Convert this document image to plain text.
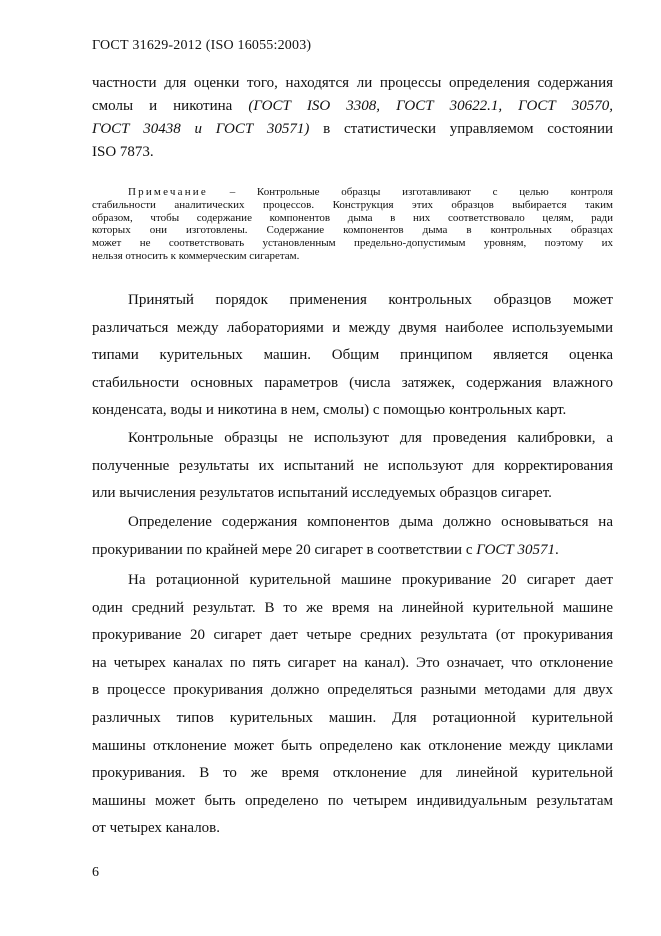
ГОСТ 31629-2012 (ISO 16055:2003)
частности для оценки того, находятся ли процессы определения содержания
смолы и никотина (ГОСТ ISO 3308, ГОСТ 30622.1, ГОСТ 30570,
ГОСТ 30438 и ГОСТ 30571) в статистически управляемом состоянии
ISO 7873.
Примечание – Контрольные образцы изготавливают с целью контроля
стабильности аналитических процессов. Конструкция этих образцов выбирается таким
образом, чтобы содержание компонентов дыма в них соответствовало целям, ради
которых они изготовлены. Содержание компонентов дыма в контрольных образцах
может не соответствовать установленным предельно-допустимым уровням, поэтому их
нельзя относить к коммерческим сигаретам.
Принятый порядок применения контрольных образцов может
различаться между лабораториями и между двумя наиболее используемыми
типами курительных машин. Общим принципом является оценка
стабильности основных параметров (числа затяжек, содержания влажного
конденсата, воды и никотина в нем, смолы) с помощью контрольных карт.
Контрольные образцы не используют для проведения калибровки, а
полученные результаты их испытаний не используют для корректирования
или вычисления результатов испытаний исследуемых образцов сигарет.
Определение содержания компонентов дыма должно основываться на
прокуривании по крайней мере 20 сигарет в соответствии с ГОСТ 30571.
На ротационной курительной машине прокуривание 20 сигарет дает
один средний результат. В то же время на линейной курительной машине
прокуривание 20 сигарет дает четыре средних результата (от прокуривания
на четырех каналах по пять сигарет на канал). Это означает, что отклонение
в процессе прокуривания должно определяться разными методами для двух
различных типов курительных машин. Для ротационной курительной
машины отклонение может быть определено как отклонение между циклами
прокуривания. В то же время отклонение для линейной курительной
машины может быть определено по четырем индивидуальным результатам
от четырех каналов.
6
